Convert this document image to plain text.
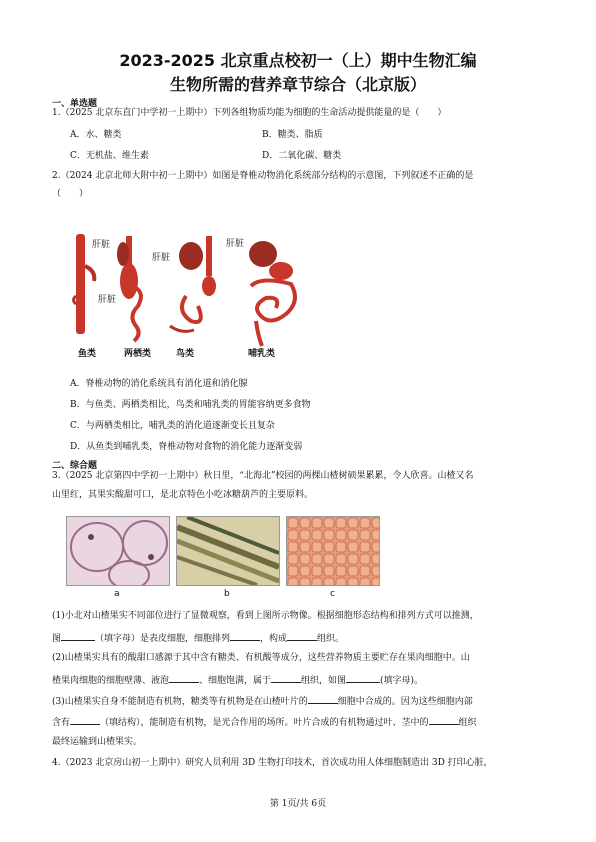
2023-2025 北京重点校初一（上）期中生物汇编
生物所需的营养章节综合（北京版）
一、单选题
1.（2025 北京东直门中学初一上期中）下列各组物质均能为细胞的生命活动提供能量的是（　　）
A．水、糖类	B．糖类、脂质
C．无机盐、维生素	D．二氧化碳、糖类
2.（2024 北京北师大附中初一上期中）如图是脊椎动物消化系统部分结构的示意图，下列叙述不正确的是
（　　）
肝脏
肝脏
肝脏
肝脏
鱼类	两栖类	鸟类	哺乳类
A．脊椎动物的消化系统具有消化道和消化腺
B．与鱼类、两栖类相比，鸟类和哺乳类的胃能容纳更多食物
C．与两栖类相比，哺乳类的消化道逐渐变长且复杂
D．从鱼类到哺乳类，脊椎动物对食物的消化能力逐渐变弱
二、综合题
3.（2025 北京第四中学初一上期中）秋日里，“北海北”校园的两棵山楂树硕果累累，令人欣喜。山楂又名
山里红，其果实酸甜可口，是北京特色小吃冰糖葫芦的主要原料。
a	b	c
(1)小北对山楂果实不同部位进行了显微观察，看到上图所示物像。根据细胞形态结构和排列方式可以推测，
图	（填字母）是表皮细胞，细胞排列	，构成	组织。
(2)山楂果实具有的酸甜口感源于其中含有糖类、有机酸等成分，这些营养物质主要贮存在果肉细胞中。山
楂果肉细胞的细胞壁薄、液泡	、细胞饱满，属于	组织，如图	(填字母)。
(3)山楂果实自身不能制造有机物，糖类等有机物是在山楂叶片的	细胞中合成的。因为这些细胞内部
含有	（填结构），能制造有机物，是光合作用的场所。叶片合成的有机物通过叶、茎中的	组织
最终运输到山楂果实。
4.（2023 北京房山初一上期中）研究人员利用 3D 生物打印技术，首次成功用人体细胞制造出 3D 打印心脏，
第 1页/共 6页
